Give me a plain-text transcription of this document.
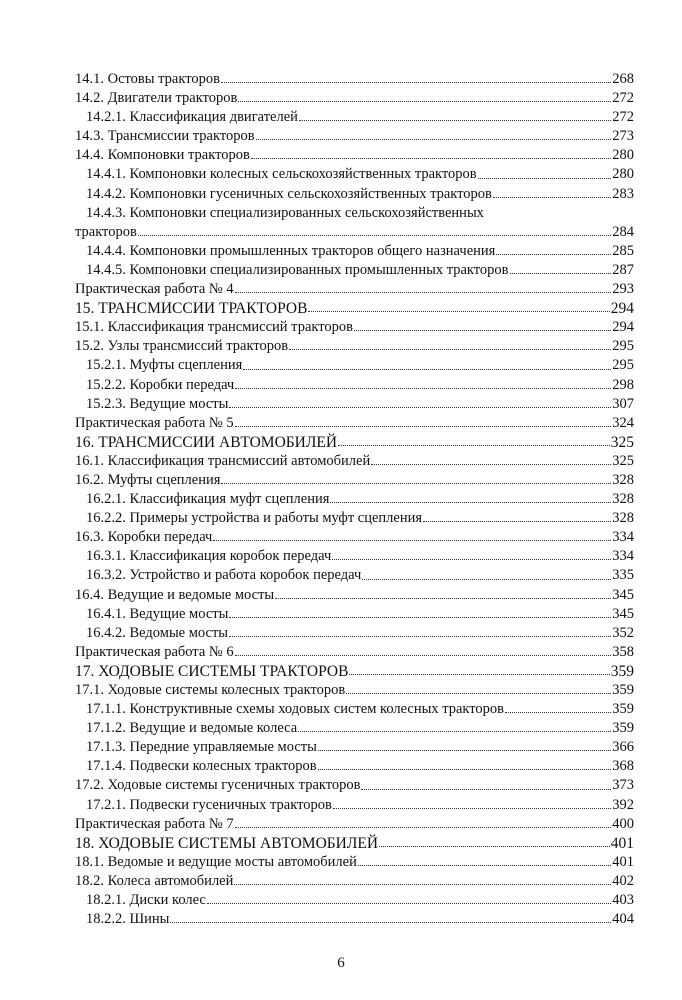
14.1. Остовы тракторов	268
14.2. Двигатели тракторов	272
14.2.1. Классификация двигателей	272
14.3. Трансмиссии тракторов	273
14.4. Компоновки тракторов	280
14.4.1. Компоновки колесных сельскохозяйственных тракторов	280
14.4.2. Компоновки гусеничных сельскохозяйственных тракторов	283
14.4.3. Компоновки специализированных сельскохозяйственных
тракторов	284
14.4.4. Компоновки промышленных тракторов общего назначения	285
14.4.5. Компоновки специализированных промышленных тракторов	287
Практическая работа № 4	293
15. ТРАНСМИССИИ ТРАКТОРОВ	294
15.1. Классификация трансмиссий тракторов	294
15.2. Узлы трансмиссий тракторов	295
15.2.1. Муфты сцепления	295
15.2.2. Коробки передач	298
15.2.3. Ведущие мосты	307
Практическая работа № 5	324
16. ТРАНСМИССИИ АВТОМОБИЛЕЙ	325
16.1. Классификация трансмиссий автомобилей	325
16.2. Муфты сцепления	328
16.2.1. Классификация муфт сцепления	328
16.2.2. Примеры устройства и работы муфт сцепления	328
16.3. Коробки передач	334
16.3.1. Классификация коробок передач	334
16.3.2. Устройство и работа коробок передач	335
16.4. Ведущие и ведомые мосты	345
16.4.1. Ведущие мосты	345
16.4.2. Ведомые мосты	352
Практическая работа № 6	358
17. ХОДОВЫЕ СИСТЕМЫ ТРАКТОРОВ	359
17.1. Ходовые системы колесных тракторов	359
17.1.1. Конструктивные схемы ходовых систем колесных тракторов	359
17.1.2. Ведущие и ведомые колеса	359
17.1.3. Передние управляемые мосты	366
17.1.4. Подвески колесных тракторов	368
17.2. Ходовые системы гусеничных тракторов	373
17.2.1. Подвески гусеничных тракторов	392
Практическая работа № 7	400
18. ХОДОВЫЕ СИСТЕМЫ АВТОМОБИЛЕЙ	401
18.1. Ведомые и ведущие мосты автомобилей	401
18.2. Колеса автомобилей	402
18.2.1. Диски колес	403
18.2.2. Шины	404
6
